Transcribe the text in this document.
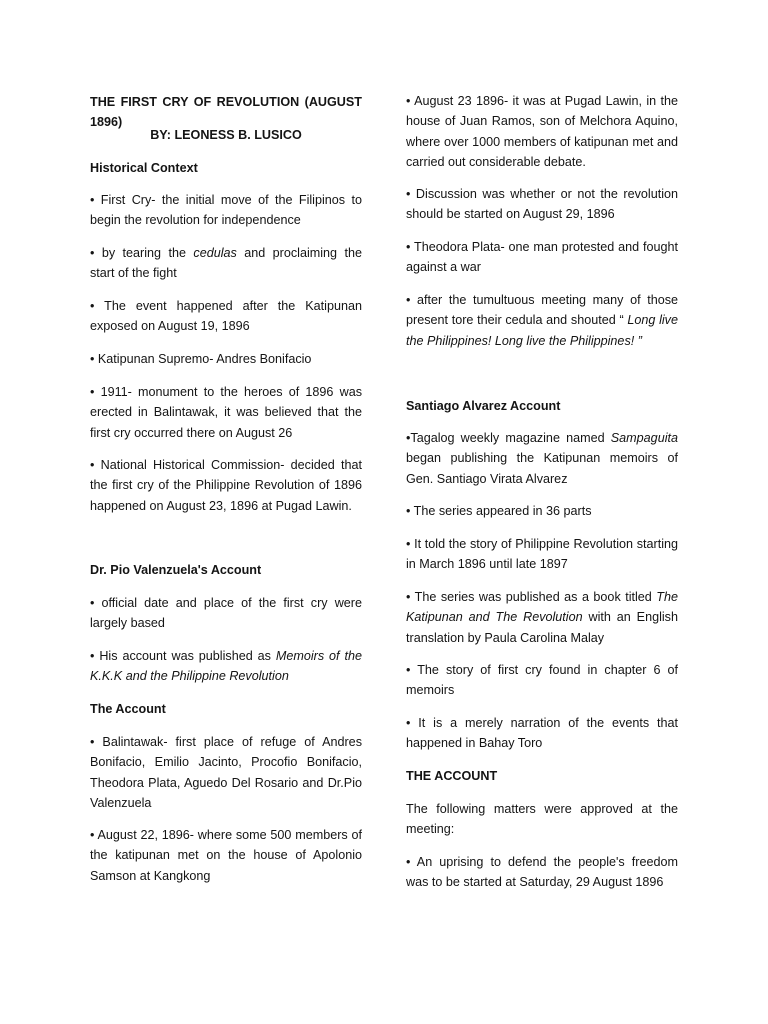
THE FIRST CRY OF REVOLUTION (AUGUST 1896)

BY: LEONESS B. LUSICO

Historical Context

• First Cry- the initial move of the Filipinos to begin the revolution for independence

• by tearing the cedulas and proclaiming the start of the fight

• The event happened after the Katipunan exposed on August 19, 1896

• Katipunan Supremo- Andres Bonifacio

• 1911- monument to the heroes of 1896 was erected in Balintawak, it was believed that the first cry occurred there on August 26

• National Historical Commission- decided that the first cry of the Philippine Revolution of 1896 happened on August 23, 1896 at Pugad Lawin.

Dr. Pio Valenzuela's Account

• official date and place of the first cry were largely based

• His account was published as Memoirs of the K.K.K and the Philippine Revolution

The Account

• Balintawak- first place of refuge of Andres Bonifacio, Emilio Jacinto, Procofio Bonifacio, Theodora Plata, Aguedo Del Rosario and Dr.Pio Valenzuela

• August 22, 1896- where some 500 members of the katipunan met on the house of Apolonio Samson at Kangkong

• August 23 1896- it was at Pugad Lawin, in the house of Juan Ramos, son of Melchora Aquino, where over 1000 members of katipunan met and carried out considerable debate.

• Discussion was whether or not the revolution should be started on August 29, 1896

• Theodora Plata- one man protested and fought against a war

• after the tumultuous meeting many of those present tore their cedula and shouted “ Long live the Philippines! Long live the Philippines! ”

Santiago Alvarez Account

•Tagalog weekly magazine named Sampaguita began publishing the Katipunan memoirs of Gen. Santiago Virata Alvarez

• The series appeared in 36 parts

• It told the story of Philippine Revolution starting in March 1896 until late 1897

• The series was published as a book titled The Katipunan and The Revolution with an English translation by Paula Carolina Malay

• The story of first cry found in chapter 6 of memoirs

• It is a merely narration of the events that happened in Bahay Toro

THE ACCOUNT

The following matters were approved at the meeting:

• An uprising to defend the people's freedom was to be started at Saturday, 29 August 1896
